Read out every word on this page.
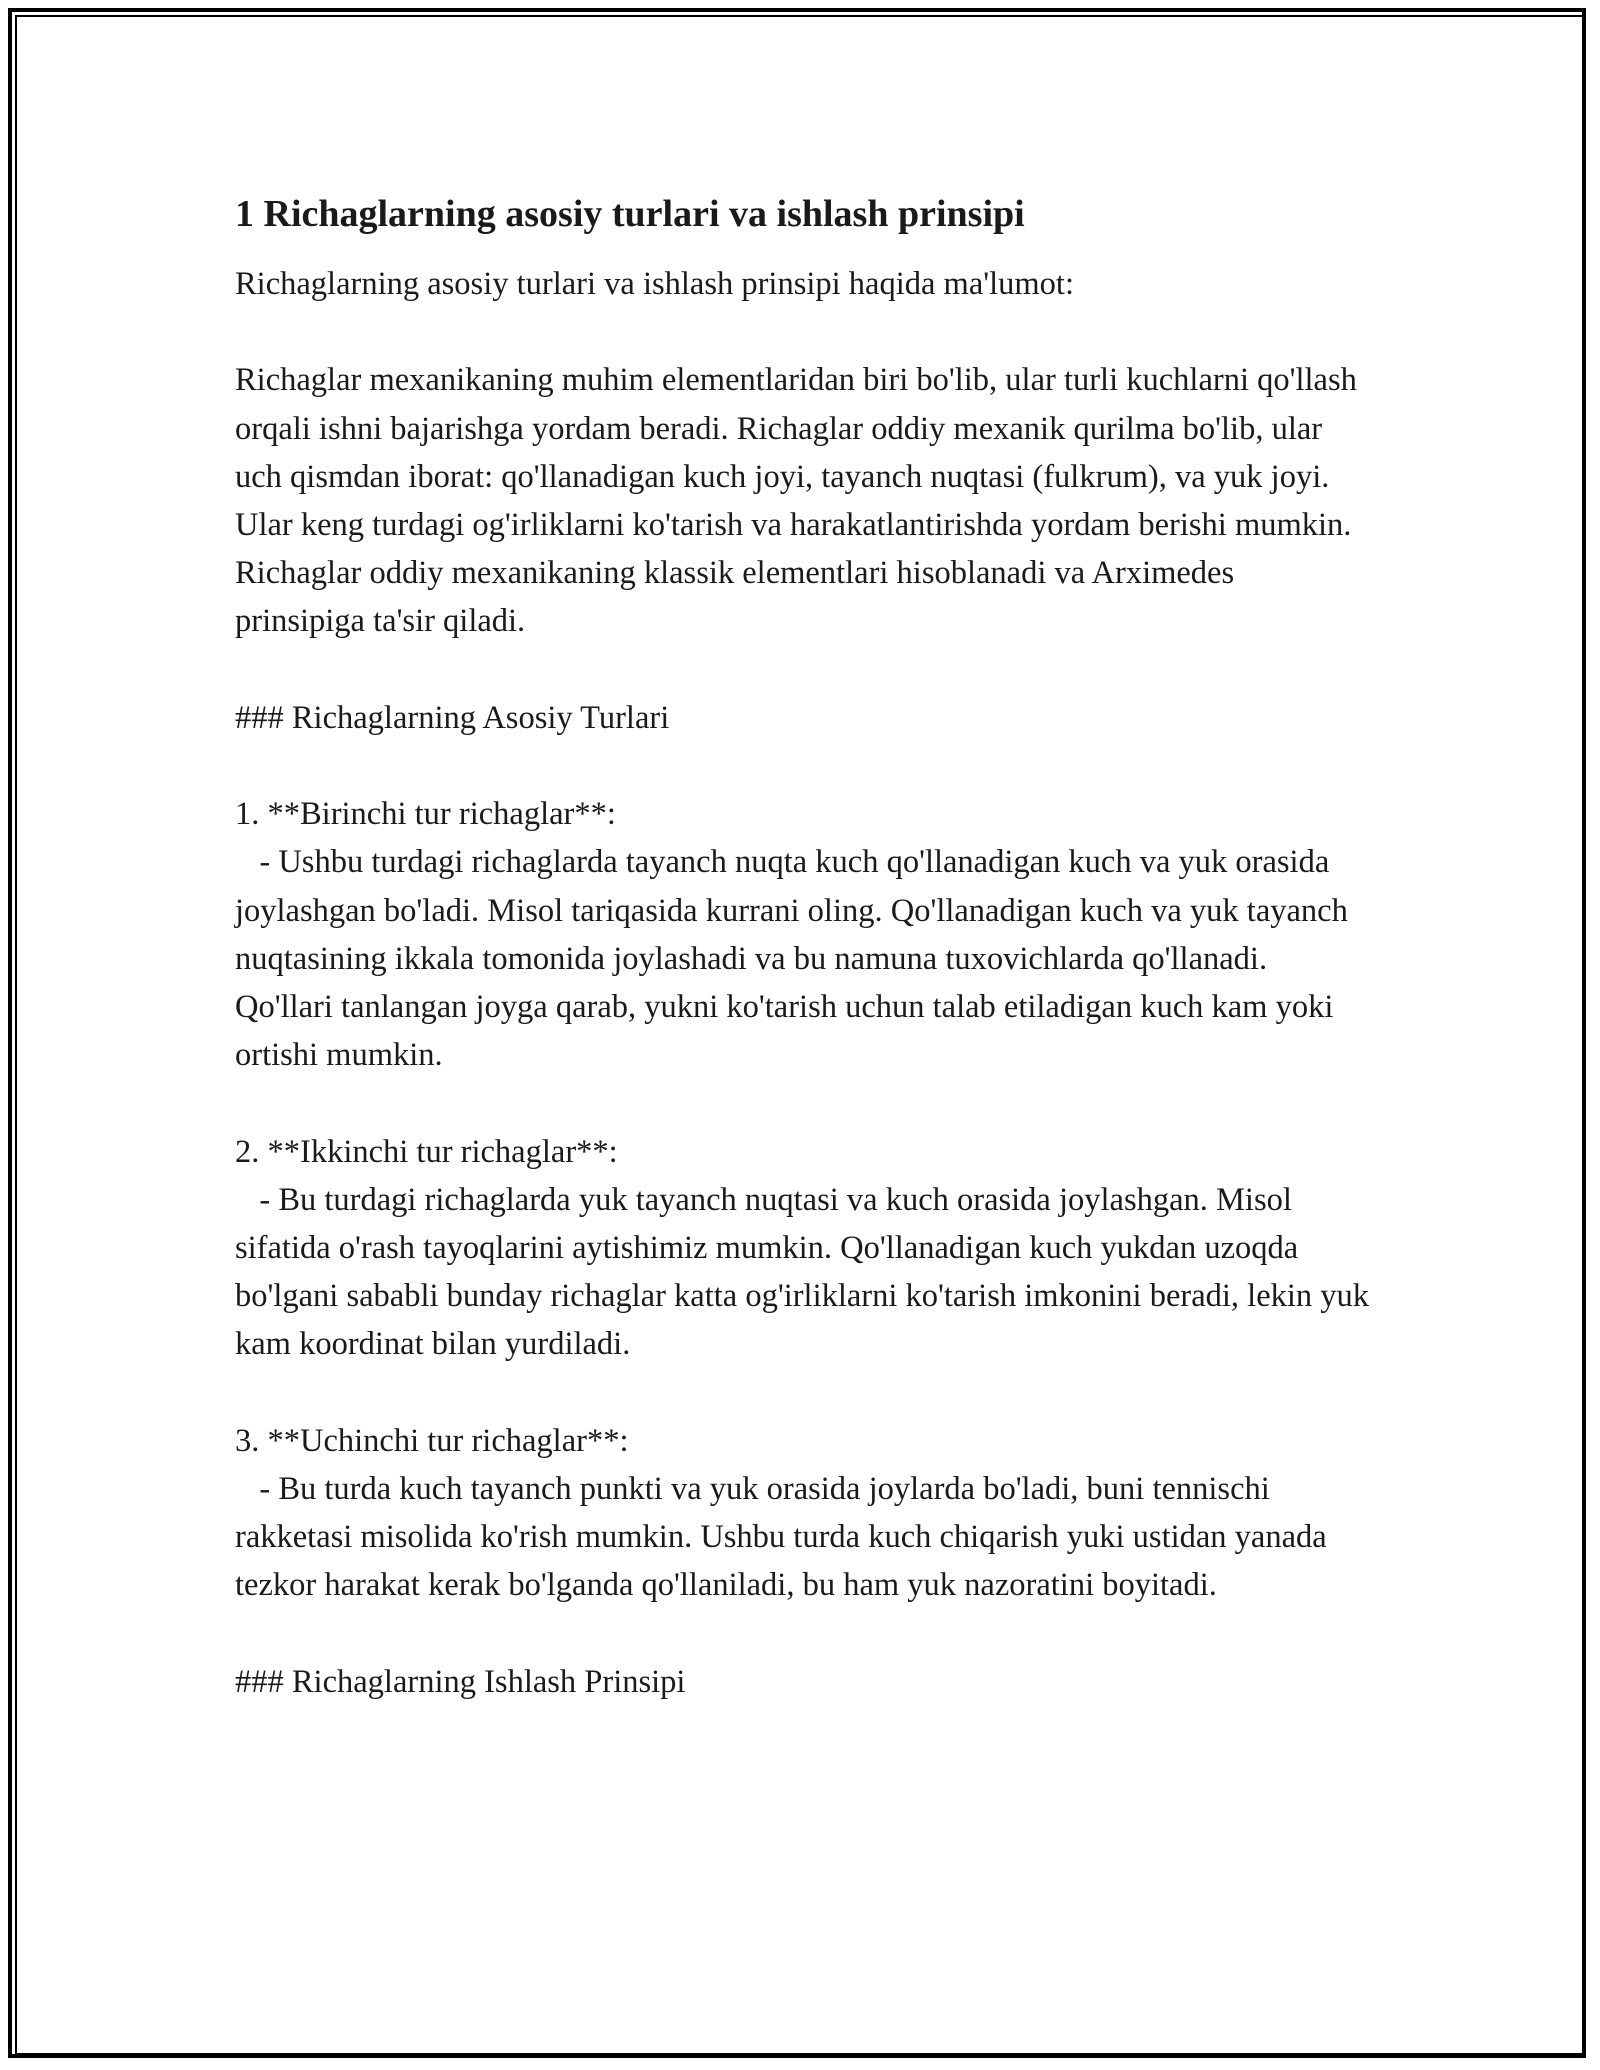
1 Richaglarning asosiy turlari va ishlash prinsipi

Richaglarning asosiy turlari va ishlash prinsipi haqida ma'lumot:

Richaglar mexanikaning muhim elementlaridan biri bo'lib, ular turli kuchlarni qo'llash orqali ishni bajarishga yordam beradi. Richaglar oddiy mexanik qurilma bo'lib, ular uch qismdan iborat: qo'llanadigan kuch joyi, tayanch nuqtasi (fulkrum), va yuk joyi. Ular keng turdagi og'irliklarni ko'tarish va harakatlantirishda yordam berishi mumkin. Richaglar oddiy mexanikaning klassik elementlari hisoblanadi va Arximedes prinsipiga ta'sir qiladi.

### Richaglarning Asosiy Turlari

1. **Birinchi tur richaglar**:

- Ushbu turdagi richaglarda tayanch nuqta kuch qo'llanadigan kuch va yuk orasida joylashgan bo'ladi. Misol tariqasida kurrani oling. Qo'llanadigan kuch va yuk tayanch nuqtasining ikkala tomonida joylashadi va bu namuna tuxovichlarda qo'llanadi. Qo'llari tanlangan joyga qarab, yukni ko'tarish uchun talab etiladigan kuch kam yoki ortishi mumkin.

2. **Ikkinchi tur richaglar**:

- Bu turdagi richaglarda yuk tayanch nuqtasi va kuch orasida joylashgan. Misol sifatida o'rash tayoqlarini aytishimiz mumkin. Qo'llanadigan kuch yukdan uzoqda bo'lgani sababli bunday richaglar katta og'irliklarni ko'tarish imkonini beradi, lekin yuk kam koordinat bilan yurdiladi.

3. **Uchinchi tur richaglar**:

- Bu turda kuch tayanch punkti va yuk orasida joylarda bo'ladi, buni tennischi rakketasi misolida ko'rish mumkin. Ushbu turda kuch chiqarish yuki ustidan yanada tezkor harakat kerak bo'lganda qo'llaniladi, bu ham yuk nazoratini boyitadi.

### Richaglarning Ishlash Prinsipi
